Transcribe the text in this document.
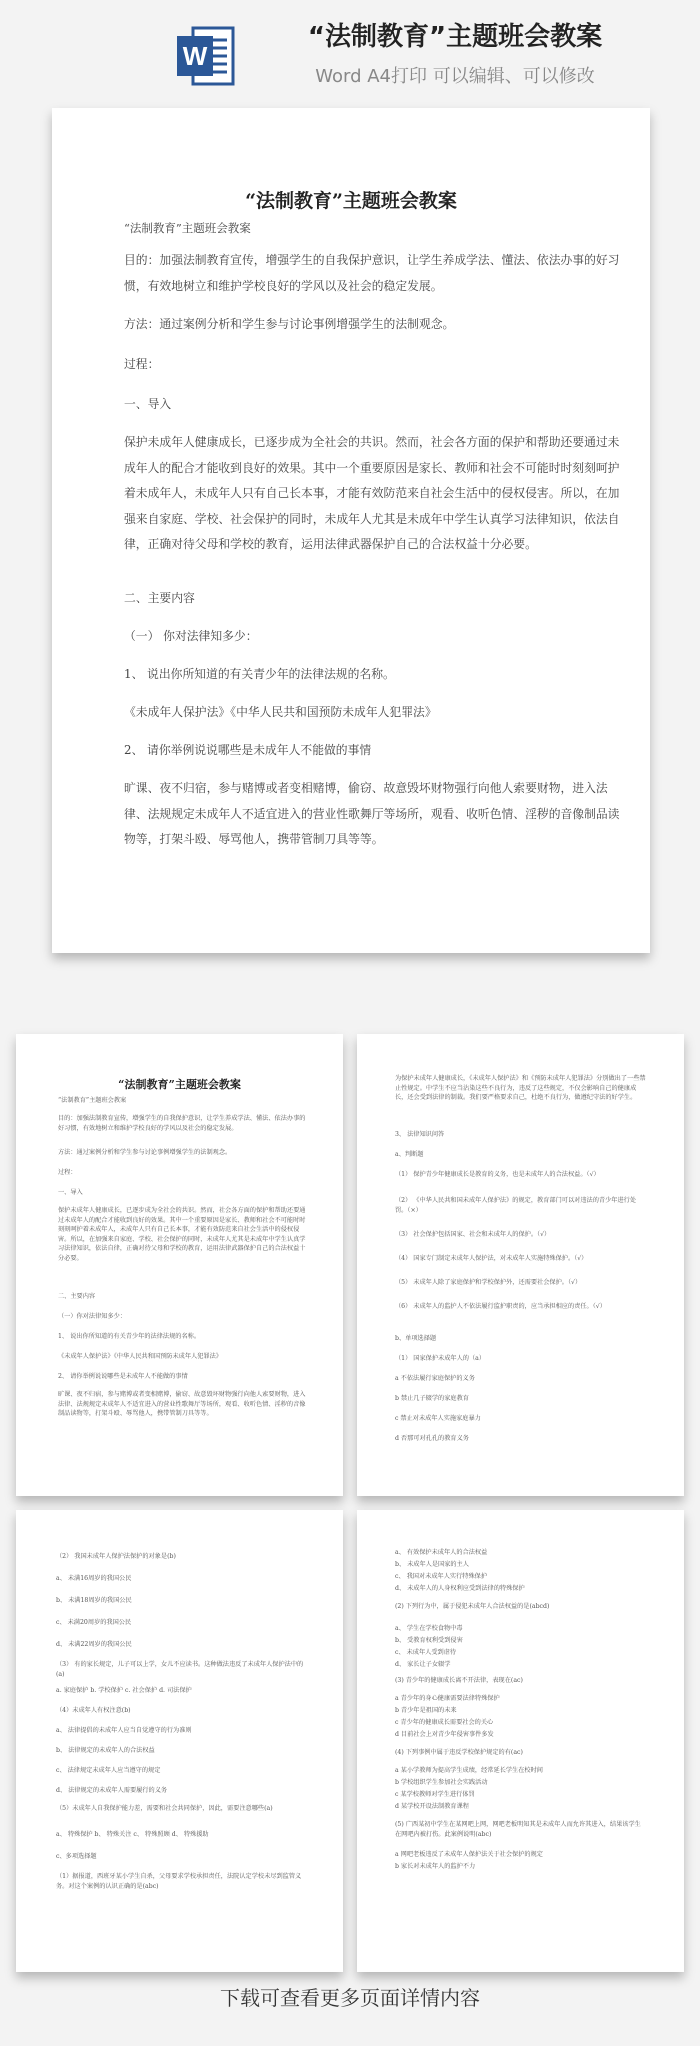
W
“法制教育”主题班会教案
Word A4打印 可以编辑、可以修改
“法制教育”主题班会教案
“法制教育”主题班会教案
目的：加强法制教育宣传，增强学生的自我保护意识，让学生养成学法、懂法、依法办事的好习惯，有效地树立和维护学校良好的学风以及社会的稳定发展。
方法：通过案例分析和学生参与讨论事例增强学生的法制观念。
过程：
一、导入
保护未成年人健康成长，已逐步成为全社会的共识。然而，社会各方面的保护和帮助还要通过未成年人的配合才能收到良好的效果。其中一个重要原因是家长、教师和社会不可能时时刻刻呵护着未成年人，未成年人只有自己长本事，才能有效防范来自社会生活中的侵权侵害。所以，在加强来自家庭、学校、社会保护的同时，未成年人尤其是未成年中学生认真学习法律知识，依法自律，正确对待父母和学校的教育，运用法律武器保护自己的合法权益十分必要。
二、主要内容
（一） 你对法律知多少：
1、 说出你所知道的有关青少年的法律法规的名称。
《未成年人保护法》《中华人民共和国预防未成年人犯罪法》
2、 请你举例说说哪些是未成年人不能做的事情
旷课、夜不归宿，参与赌博或者变相赌博，偷窃、故意毁坏财物强行向他人索要财物，进入法律、法规规定未成年人不适宜进入的营业性歌舞厅等场所，观看、收听色情、淫秽的音像制品读物等，打架斗殴、辱骂他人，携带管制刀具等等。
“法制教育”主题班会教案
“法制教育”主题班会教案
目的：加强法制教育宣传，增强学生的自我保护意识，让学生养成学法、懂法、依法办事的好习惯，有效地树立和维护学校良好的学风以及社会的稳定发展。
方法：通过案例分析和学生参与讨论事例增强学生的法制观念。
过程：
一、导入
保护未成年人健康成长，已逐步成为全社会的共识。然而，社会各方面的保护和帮助还要通过未成年人的配合才能收到良好的效果。其中一个重要原因是家长、教师和社会不可能时时刻刻呵护着未成年人，未成年人只有自己长本事，才能有效防范来自社会生活中的侵权侵害。所以，在加强来自家庭、学校、社会保护的同时，未成年人尤其是未成年中学生认真学习法律知识，依法自律，正确对待父母和学校的教育，运用法律武器保护自己的合法权益十分必要。
二、主要内容
（一）你对法律知多少：
1、 说出你所知道的有关青少年的法律法规的名称。
《未成年人保护法》《中华人民共和国预防未成年人犯罪法》
2、 请你举例说说哪些是未成年人不能做的事情
旷课、夜不归宿，参与赌博或者变相赌博，偷窃、故意毁坏财物强行向他人索要财物，进入法律、法规规定未成年人不适宜进入的营业性歌舞厅等场所，观看、收听色情、淫秽的音像制品读物等，打架斗殴、辱骂他人，携带管制刀具等等。
为保护未成年人健康成长，《未成年人保护法》和《预防未成年人犯罪法》分别做出了一些禁止性规定。中学生不应当沾染这些不良行为，违反了这些规定，不仅会影响自己的健康成长，还会受到法律的制裁。我们要严格要求自己，杜绝不良行为，做遵纪守法的好学生。
3、 法律知识问答
a、判断题
（1） 保护青少年健康成长是教育的义务，也是未成年人的合法权益。（√）
（2） 《中华人民共和国未成年人保护法》的规定，教育部门可以对违法的青少年进行处罚。（×）
（3） 社会保护包括国家、社会和未成年人的保护。（√）
（4） 国家专门制定未成年人保护法，对未成年人实施特殊保护。（√）
（5） 未成年人除了家庭保护和学校保护外，还需要社会保护。（√）
（6） 未成年人的监护人不依法履行监护职责的，应当承担相应的责任。（√）
b、单项选择题
（1） 国家保护未成年人的（a）
a 不依法履行家庭保护的义务
b 禁止几子辍学的家庭教育
c 禁止对未成年人实施家庭暴力
d 否那可对孔孔的教育义务
（2） 我国未成年人保护法保护的对象是(b)
a、 未满16周岁的我国公民
b、 未满18周岁的我国公民
c、 未满20周岁的我国公民
d、 未满22周岁的我国公民
（3） 有的家长规定，儿子可以上学，女儿不应读书。这种做法违反了未成年人保护法中的(a)
a. 家庭保护 b. 学校保护 c. 社会保护 d. 司法保护
（4）未成年人有权注意(b)
a、 法律提倡的未成年人应当自觉遵守的行为准则
b、 法律规定的未成年人的合法权益
c、 法律规定未成年人应当遵守的规定
d、 法律规定的未成年人需要履行的义务
（5）未成年人自我保护能力差，需要和社会共同保护，因此，需要注意哪些(a)
a、 特殊保护 b、 特殊关注 c、 特殊照顾 d、 特殊援助
c、多项选择题
（1）据报道，西班牙某小学生自杀，父母要求学校承担责任，法院认定学校未尽到监管义务。对这个案例的认识正确的是(abc)
a、 有效保护未成年人的合法权益
b、 未成年人是国家的主人
c、 我国对未成年人实行特殊保护
d、 未成年人的人身权利应受到法律的特殊保护
(2) 下列行为中，属于侵犯未成年人合法权益的是(abcd)
a、 学生在学校食物中毒
b、 受教育权利受到侵害
c、 未成年人受到虐待
d、 家长让子女辍学
(3) 青少年的健康成长离不开法律，表现在(ac)
a 青少年的身心健康需要法律特殊保护
b 青少年是祖国的未来
c 青少年的健康成长需要社会的关心
d 目前社会上对青少年侵害事件多发
(4) 下列事例中属于违反学校保护规定的有(ac)
a 某小学教师为提高学生成绩，经常延长学生在校时间
b 学校组织学生参加社会实践活动
c 某学校教师对学生进行体罚
d 某学校开设法制教育课程
(5) 广西某初中学生在某网吧上网，网吧老板明知其是未成年人而允许其进入，结果该学生在网吧内被打伤。此案例说明(abc)
a 网吧老板违反了未成年人保护法关于社会保护的规定
b 家长对未成年人的监护不力
下载可查看更多页面详情内容
